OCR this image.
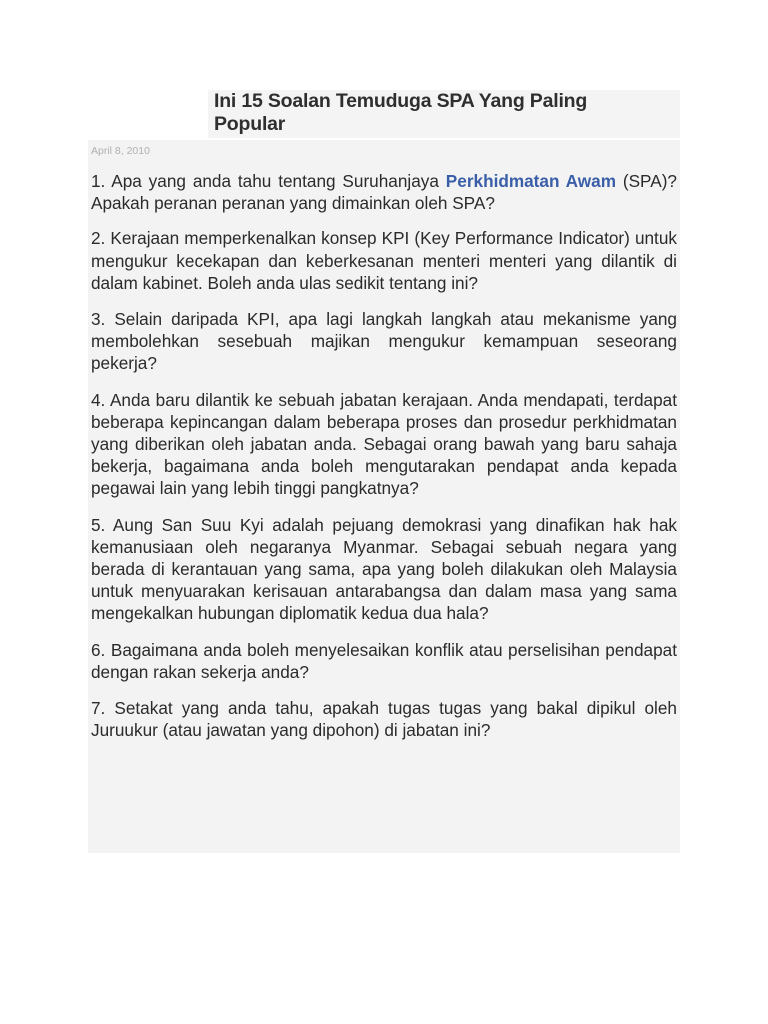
Ini 15 Soalan Temuduga SPA Yang Paling Popular
April 8, 2010

1. Apa yang anda tahu tentang Suruhanjaya Perkhidmatan Awam (SPA)? Apakah peranan peranan yang dimainkan oleh SPA?

2. Kerajaan memperkenalkan konsep KPI (Key Performance Indicator) untuk mengukur kecekapan dan keberkesanan menteri menteri yang dilantik di dalam kabinet. Boleh anda ulas sedikit tentang ini?

3. Selain daripada KPI, apa lagi langkah langkah atau mekanisme yang membolehkan sesebuah majikan mengukur kemampuan seseorang pekerja?

4. Anda baru dilantik ke sebuah jabatan kerajaan. Anda mendapati, terdapat beberapa kepincangan dalam beberapa proses dan prosedur perkhidmatan yang diberikan oleh jabatan anda. Sebagai orang bawah yang baru sahaja bekerja, bagaimana anda boleh mengutarakan pendapat anda kepada pegawai lain yang lebih tinggi pangkatnya?

5. Aung San Suu Kyi adalah pejuang demokrasi yang dinafikan hak hak kemanusiaan oleh negaranya Myanmar. Sebagai sebuah negara yang berada di kerantauan yang sama, apa yang boleh dilakukan oleh Malaysia untuk menyuarakan kerisauan antarabangsa dan dalam masa yang sama mengekalkan hubungan diplomatik kedua dua hala?

6. Bagaimana anda boleh menyelesaikan konflik atau perselisihan pendapat dengan rakan sekerja anda?

7. Setakat yang anda tahu, apakah tugas tugas yang bakal dipikul oleh Juruukur (atau jawatan yang dipohon) di jabatan ini?
